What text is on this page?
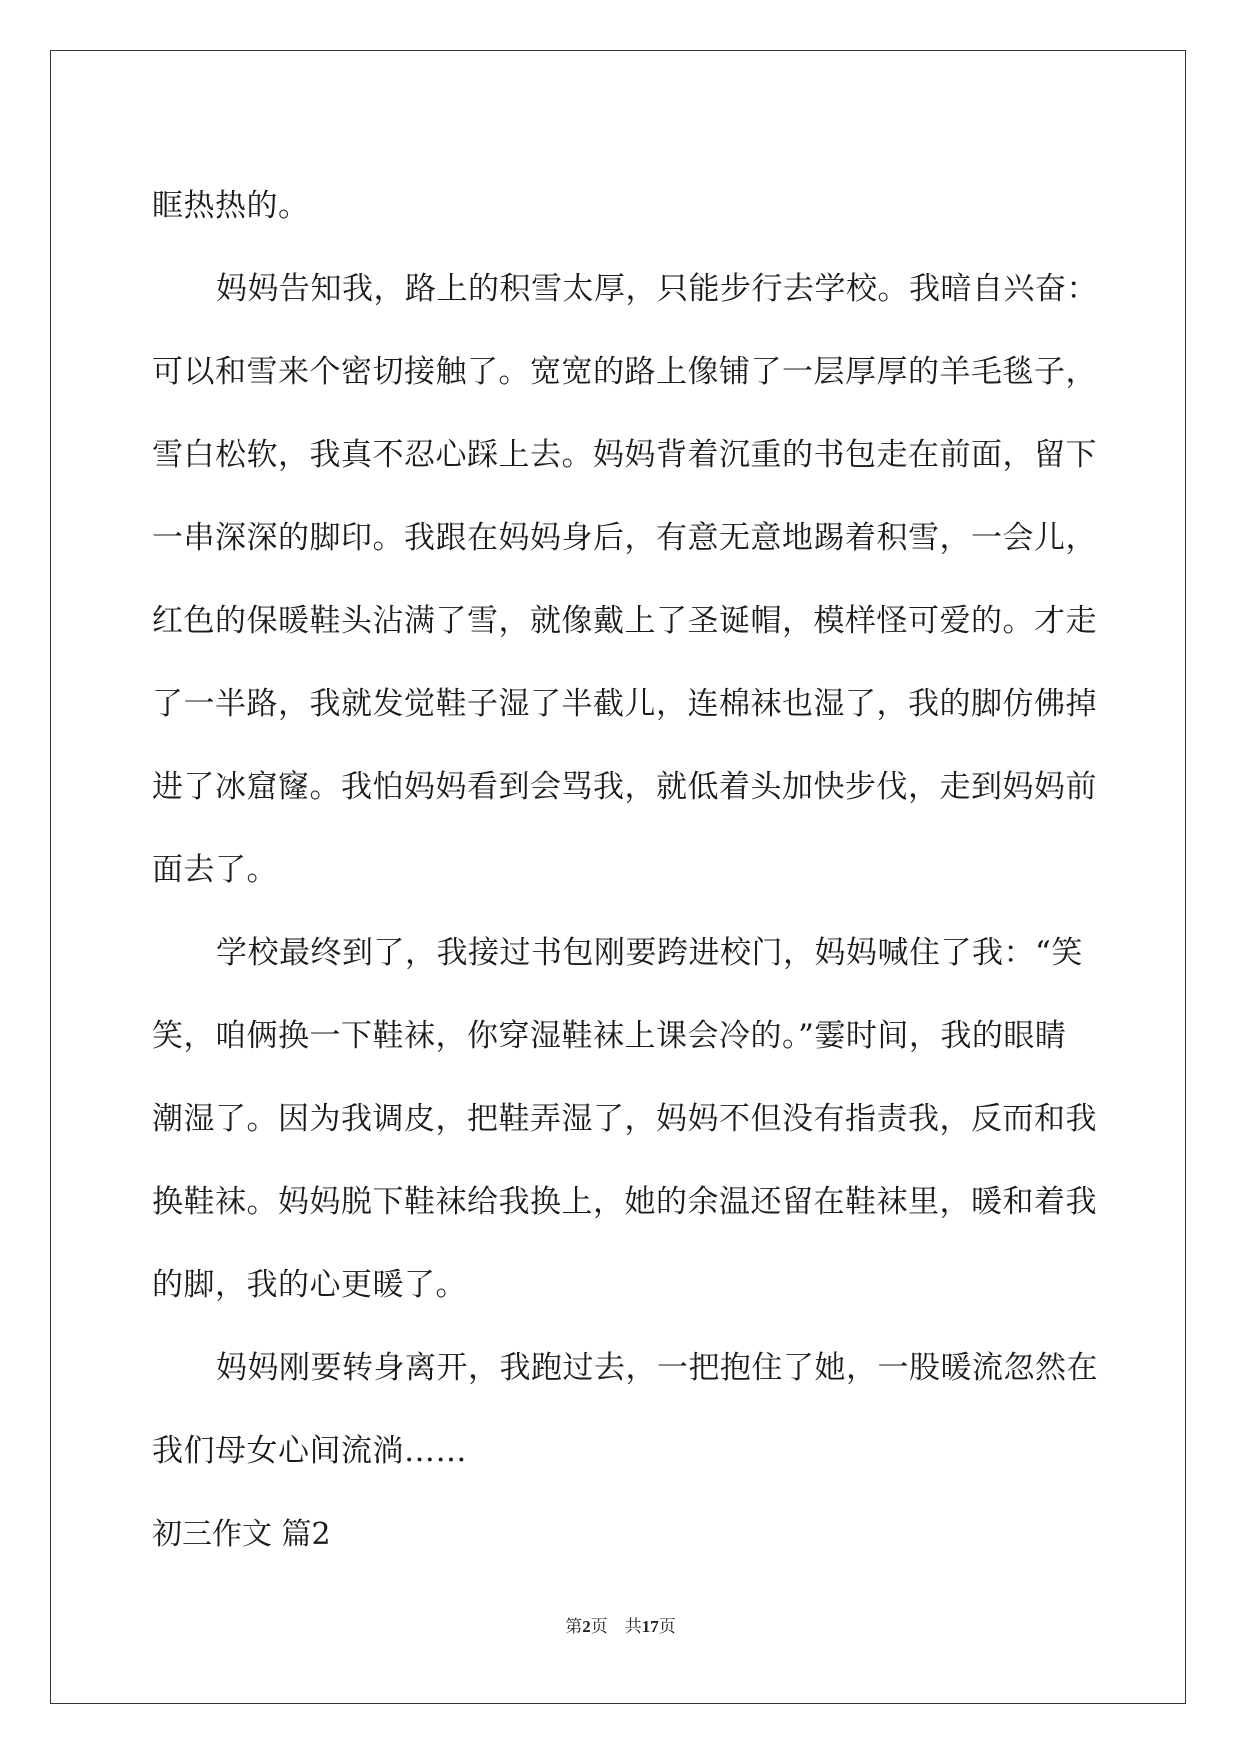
眶热热的。
妈妈告知我，路上的积雪太厚，只能步行去学校。我暗自兴奋：
可以和雪来个密切接触了。宽宽的路上像铺了一层厚厚的羊毛毯子，
雪白松软，我真不忍心踩上去。妈妈背着沉重的书包走在前面，留下
一串深深的脚印。我跟在妈妈身后，有意无意地踢着积雪，一会儿，
红色的保暖鞋头沾满了雪，就像戴上了圣诞帽，模样怪可爱的。才走
了一半路，我就发觉鞋子湿了半截儿，连棉袜也湿了，我的脚仿佛掉
进了冰窟窿。我怕妈妈看到会骂我，就低着头加快步伐，走到妈妈前
面去了。
学校最终到了，我接过书包刚要跨进校门，妈妈喊住了我：“笑
笑，咱俩换一下鞋袜，你穿湿鞋袜上课会冷的。”霎时间，我的眼睛
潮湿了。因为我调皮，把鞋弄湿了，妈妈不但没有指责我，反而和我
换鞋袜。妈妈脱下鞋袜给我换上，她的余温还留在鞋袜里，暖和着我
的脚，我的心更暖了。
妈妈刚要转身离开，我跑过去，一把抱住了她，一股暖流忽然在
我们母女心间流淌……
初三作文 篇2
第2页　共17页
